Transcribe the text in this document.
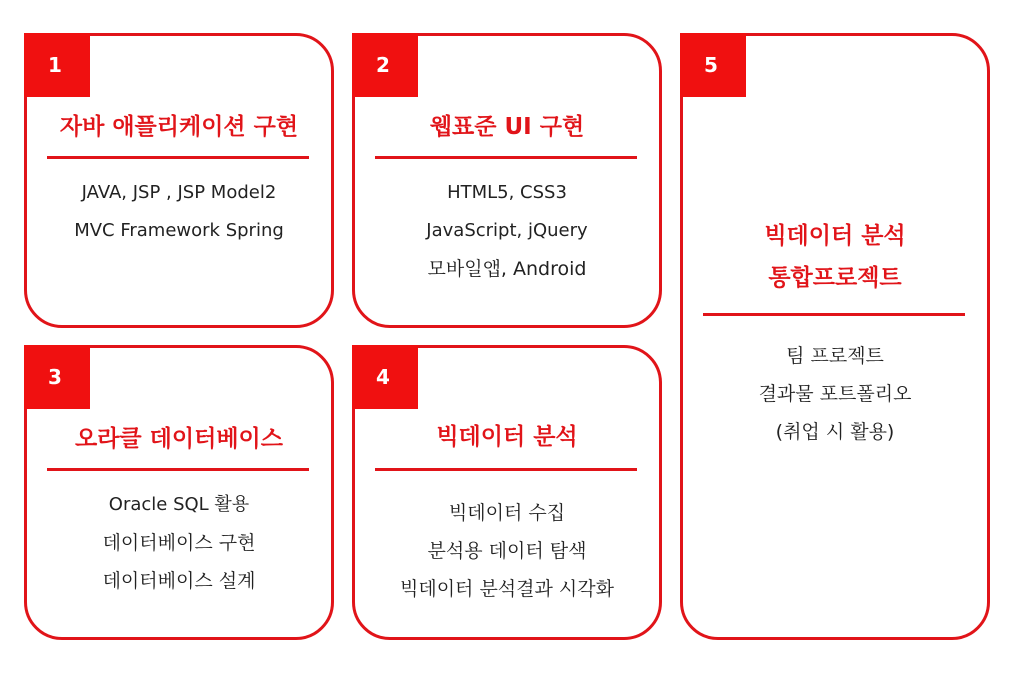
1
자바 애플리케이션 구현
JAVA, JSP , JSP Model2
MVC Framework Spring
2
웹표준 UI 구현
HTML5, CSS3
JavaScript, jQuery
모바일앱, Android
3
오라클 데이터베이스
Oracle SQL 활용
데이터베이스 구현
데이터베이스 설계
4
빅데이터 분석
빅데이터 수집
분석용 데이터 탐색
빅데이터 분석결과 시각화
5
빅데이터 분석
통합프로젝트
팀 프로젝트
결과물 포트폴리오
(취업 시 활용)
